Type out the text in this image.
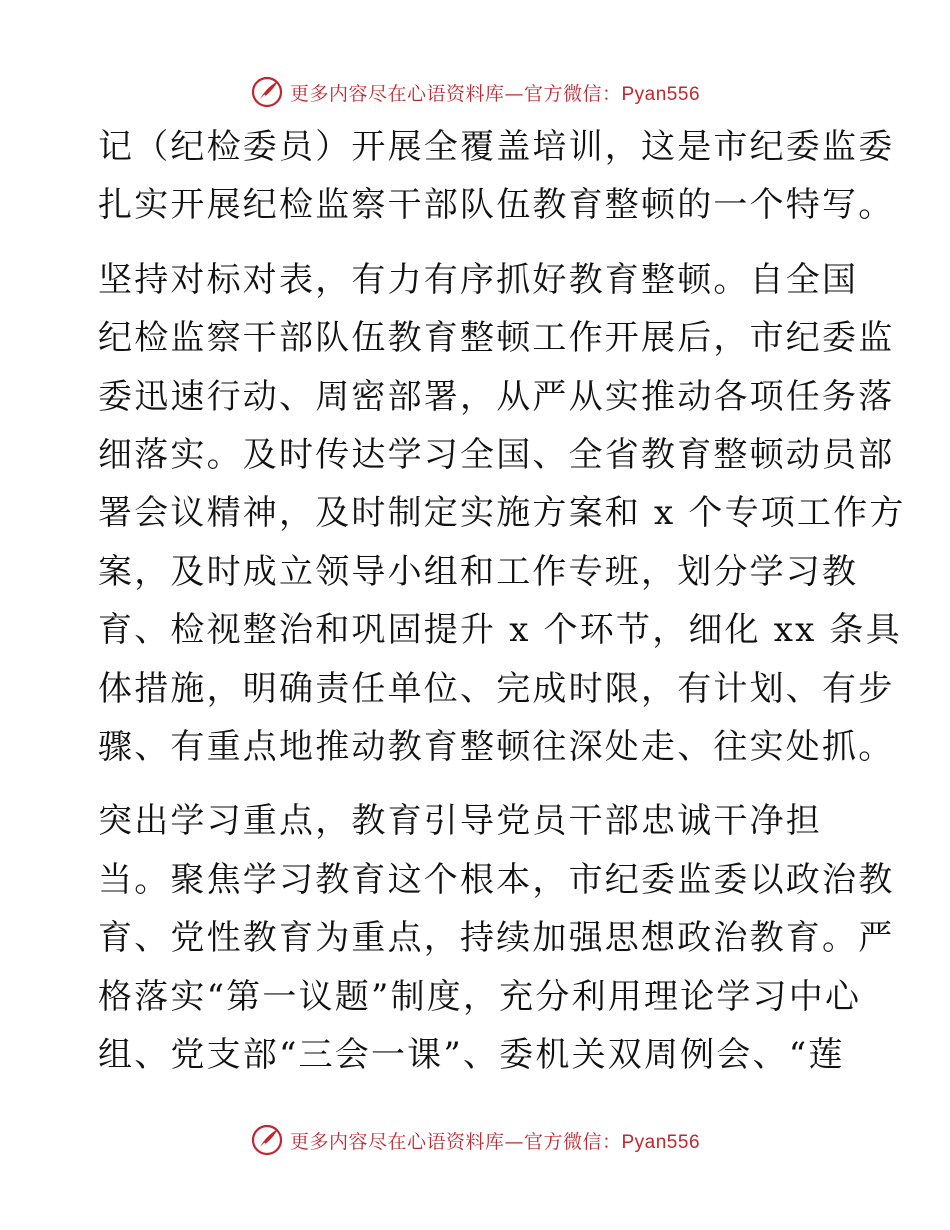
更多内容尽在心语资料库—官方微信：Pyan556

记（纪检委员）开展全覆盖培训，这是市纪委监委
扎实开展纪检监察干部队伍教育整顿的一个特写。

坚持对标对表，有力有序抓好教育整顿。自全国
纪检监察干部队伍教育整顿工作开展后，市纪委监
委迅速行动、周密部署，从严从实推动各项任务落
细落实。及时传达学习全国、全省教育整顿动员部
署会议精神，及时制定实施方案和 x 个专项工作方
案，及时成立领导小组和工作专班，划分学习教
育、检视整治和巩固提升 x 个环节，细化 xx 条具
体措施，明确责任单位、完成时限，有计划、有步
骤、有重点地推动教育整顿往深处走、往实处抓。

突出学习重点，教育引导党员干部忠诚干净担
当。聚焦学习教育这个根本，市纪委监委以政治教
育、党性教育为重点，持续加强思想政治教育。严
格落实“第一议题”制度，充分利用理论学习中心
组、党支部“三会一课”、委机关双周例会、“莲

更多内容尽在心语资料库—官方微信：Pyan556
